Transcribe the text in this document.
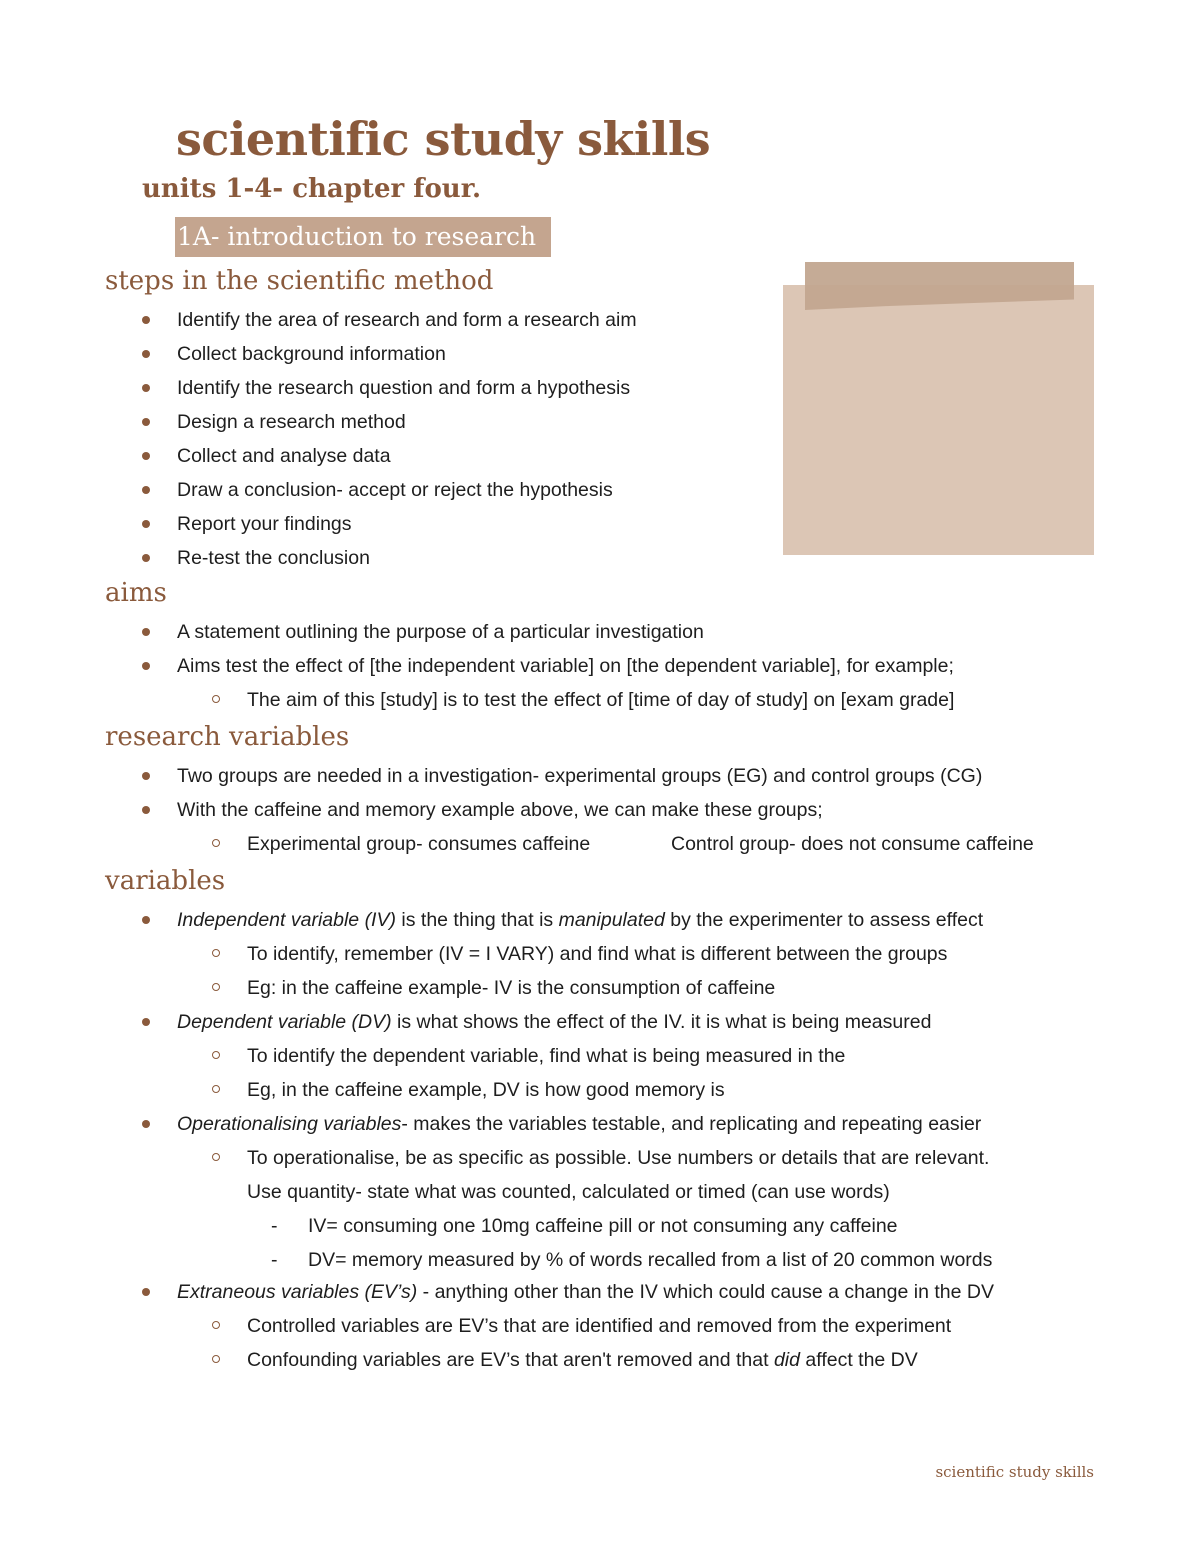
scientific study skills
units 1-4- chapter four.
1A- introduction to research
steps in the scientific method
Identify the area of research and form a research aim
Collect background information
Identify the research question and form a hypothesis
Design a research method
Collect and analyse data
Draw a conclusion- accept or reject the hypothesis
Report your findings
Re-test the conclusion
aims
A statement outlining the purpose of a particular investigation
Aims test the effect of [the independent variable] on [the dependent variable], for example;
The aim of this [study] is to test the effect of [time of day of study] on [exam grade]
research variables
Two groups are needed in a investigation- experimental groups (EG) and control groups (CG)
With the caffeine and memory example above, we can make these groups;
Experimental group- consumes caffeine	Control group- does not consume caffeine
variables
Independent variable (IV) is the thing that is manipulated by the experimenter to assess effect
To identify, remember (IV = I VARY) and find what is different between the groups
Eg: in the caffeine example- IV is the consumption of caffeine
Dependent variable (DV) is what shows the effect of the IV. it is what is being measured
To identify the dependent variable, find what is being measured in the
Eg, in the caffeine example, DV is how good memory is
Operationalising variables- makes the variables testable, and replicating and repeating easier
To operationalise, be as specific as possible. Use numbers or details that are relevant.
Use quantity- state what was counted, calculated or timed (can use words)
- IV= consuming one 10mg caffeine pill or not consuming any caffeine
- DV= memory measured by % of words recalled from a list of 20 common words
Extraneous variables (EV’s) - anything other than the IV which could cause a change in the DV
Controlled variables are EV’s that are identified and removed from the experiment
Confounding variables are EV’s that aren't removed and that did affect the DV
scientific study skills
